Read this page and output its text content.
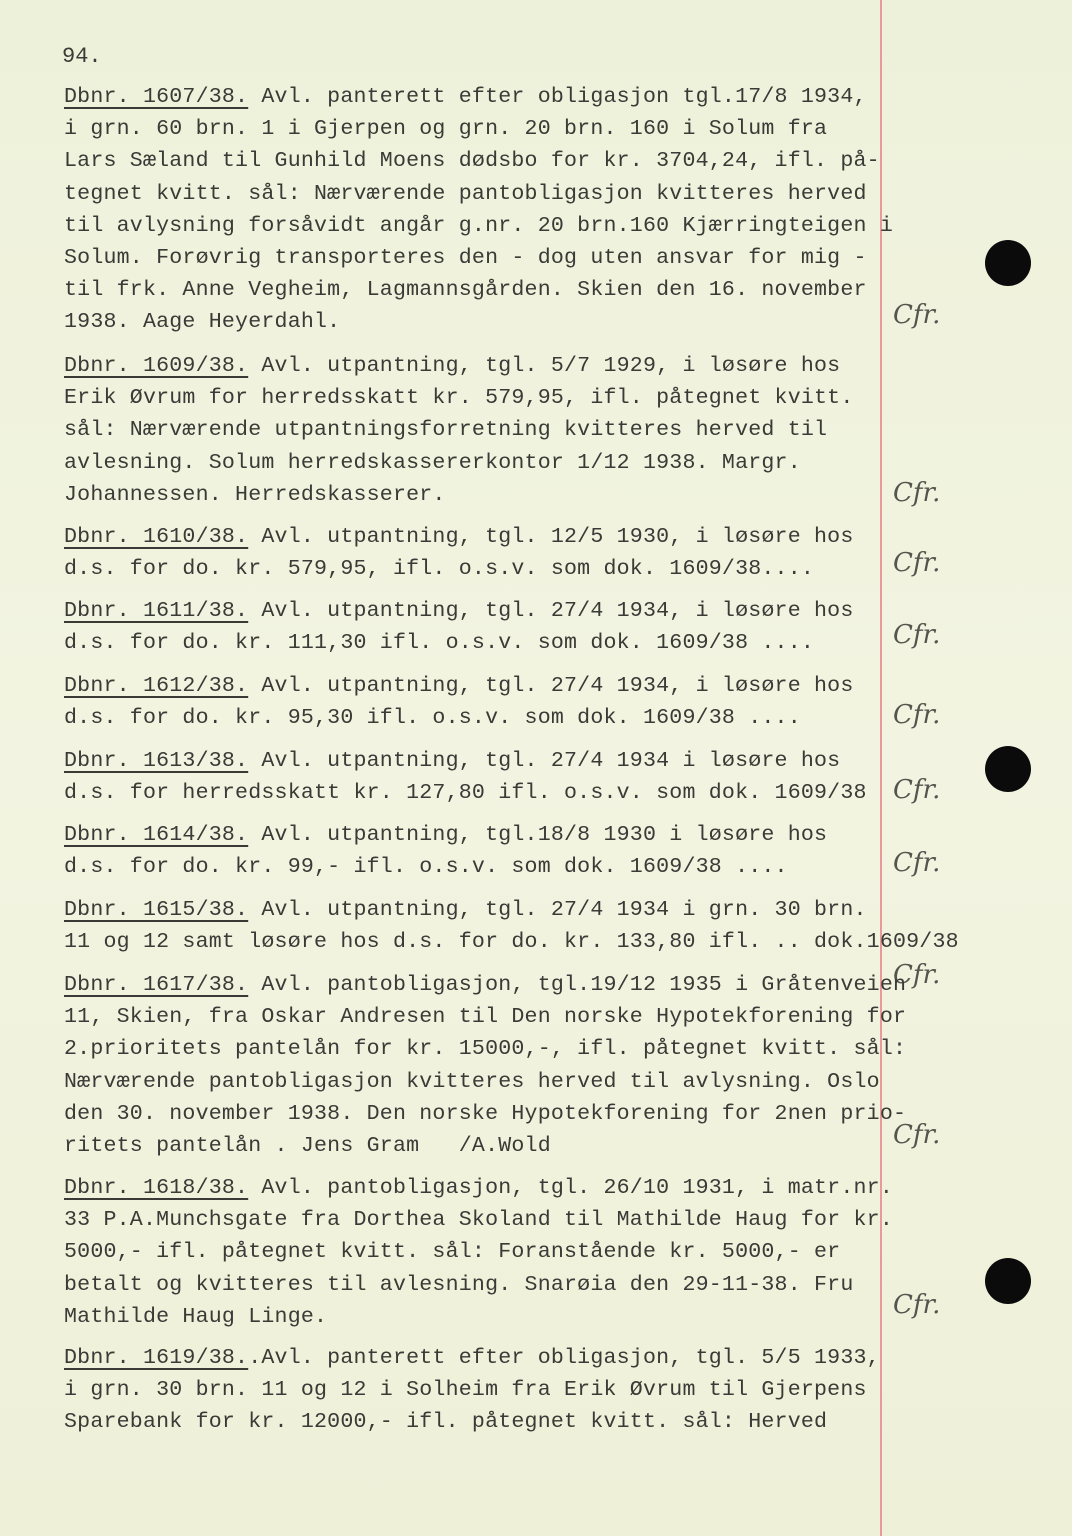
94.
Dbnr. 1607/38. Avl. panterett efter obligasjon tgl.17/8 1934,
i grn. 60 brn. 1 i Gjerpen og grn. 20 brn. 160 i Solum fra
Lars Sæland til Gunhild Moens dødsbo for kr. 3704,24, ifl. på-
tegnet kvitt. sål: Nærværende pantobligasjon kvitteres herved
til avlysning forsåvidt angår g.nr. 20 brn.160 Kjærringteigen i
Solum. Forøvrig transporteres den - dog uten ansvar for mig -
til frk. Anne Vegheim, Lagmannsgården. Skien den 16. november
1938. Aage Heyerdahl.	Cfr.
Dbnr. 1609/38. Avl. utpantning, tgl. 5/7 1929, i løsøre hos
Erik Øvrum for herredsskatt kr. 579,95, ifl. påtegnet kvitt.
sål: Nærværende utpantningsforretning kvitteres herved til
avlesning. Solum herredskassererkontor 1/12 1938. Margr.
Johannessen. Herredskasserer.	Cfr.
Dbnr. 1610/38. Avl. utpantning, tgl. 12/5 1930, i løsøre hos
d.s. for do. kr. 579,95, ifl. o.s.v. som dok. 1609/38....	Cfr.
Dbnr. 1611/38. Avl. utpantning, tgl. 27/4 1934, i løsøre hos
d.s. for do. kr. 111,30 ifl. o.s.v. som dok. 1609/38 ....	Cfr.
Dbnr. 1612/38. Avl. utpantning, tgl. 27/4 1934, i løsøre hos
d.s. for do. kr. 95,30 ifl. o.s.v. som dok. 1609/38 ....	Cfr.
Dbnr. 1613/38. Avl. utpantning, tgl. 27/4 1934 i løsøre hos
d.s. for herredsskatt kr. 127,80 ifl. o.s.v. som dok. 1609/38 Cfr.
Dbnr. 1614/38. Avl. utpantning, tgl.18/8 1930 i løsøre hos
d.s. for do. kr. 99,- ifl. o.s.v. som dok. 1609/38 ....	Cfr.
Dbnr. 1615/38. Avl. utpantning, tgl. 27/4 1934 i grn. 30 brn.
11 og 12 samt løsøre hos d.s. for do. kr. 133,80 ifl. .. dok.1609/38
Cfr.
Dbnr. 1617/38. Avl. pantobligasjon, tgl.19/12 1935 i Gråtenveien
11, Skien, fra Oskar Andresen til Den norske Hypotekforening for
2.prioritets pantelån for kr. 15000,-, ifl. påtegnet kvitt. sål:
Nærværende pantobligasjon kvitteres herved til avlysning. Oslo
den 30. november 1938. Den norske Hypotekforening for 2nen prio-
ritets pantelån . Jens Gram   /A.Wold	Cfr.
Dbnr. 1618/38. Avl. pantobligasjon, tgl. 26/10 1931, i matr.nr.
33 P.A.Munchsgate fra Dorthea Skoland til Mathilde Haug for kr.
5000,- ifl. påtegnet kvitt. sål: Foranstående kr. 5000,- er
betalt og kvitteres til avlesning. Snarøia den 29-11-38. Fru
Mathilde Haug Linge.	Cfr.
Dbnr. 1619/38..Avl. panterett efter obligasjon, tgl. 5/5 1933,
i grn. 30 brn. 11 og 12 i Solheim fra Erik Øvrum til Gjerpens
Sparebank for kr. 12000,- ifl. påtegnet kvitt. sål: Herved
